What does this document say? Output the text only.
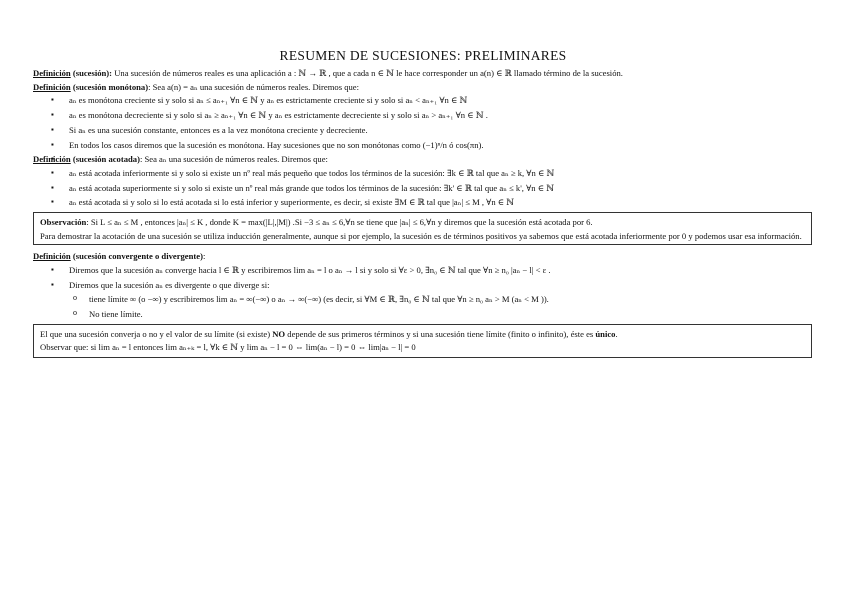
RESUMEN DE SUCESIONES: PRELIMINARES
Definición (sucesión): Una sucesión de números reales es una aplicación a : ℕ → ℝ , que a cada n ∈ ℕ le hace corresponder un a(n) ∈ ℝ llamado término de la sucesión.
Definición (sucesión monótona): Sea a(n) = aₙ una sucesión de números reales. Diremos que:
▪ aₙ es monótona creciente si y solo si aₙ ≤ aₙ₊₁ ∀n ∈ ℕ y aₙ es estrictamente creciente si y solo si aₙ < aₙ₊₁ ∀n ∈ ℕ
▪ aₙ es monótona decreciente si y solo si aₙ ≥ aₙ₊₁ ∀n ∈ ℕ y aₙ es estrictamente decreciente si y solo si aₙ > aₙ₊₁ ∀n ∈ ℕ .
▪ Si aₙ es una sucesión constante, entonces es a la vez monótona creciente y decreciente.
▪ En todos los casos diremos que la sucesión es monótona. Hay sucesiones que no son monótonas como (−1)ⁿ/n ó cos(πn).
Definición (sucesión acotada): Sea aₙ una sucesión de números reales. Diremos que:
▪ aₙ está acotada inferiormente si y solo si existe un nº real más pequeño que todos los términos de la sucesión: ∃k ∈ ℝ tal que aₙ ≥ k, ∀n ∈ ℕ
▪ aₙ está acotada superiormente si y solo si existe un nº real más grande que todos los términos de la sucesión: ∃k' ∈ ℝ tal que aₙ ≤ k', ∀n ∈ ℕ
▪ aₙ está acotada si y solo si lo está acotada si lo está inferior y superiormente, es decir, si existe ∃M ∈ ℝ tal que |aₙ| ≤ M , ∀n ∈ ℕ
Observación: Si L ≤ aₙ ≤ M , entonces |aₙ| ≤ K , donde K = max(|L|,|M|) .Si −3 ≤ aₙ ≤ 6,∀n se tiene que |aₙ| ≤ 6,∀n y diremos que la sucesión está acotada por 6.
Para demostrar la acotación de una sucesión se utiliza inducción generalmente, aunque si por ejemplo, la sucesión es de términos positivos ya sabemos que está acotada inferiormente por 0 y podemos usar esa información.
Definición (sucesión convergente o divergente):
▪ Diremos que la sucesión aₙ converge hacia l ∈ ℝ y escribiremos lim aₙ = l o aₙ → l si y solo si ∀ε > 0, ∃n₀ ∈ ℕ tal que ∀n ≥ n₀ |aₙ − l| < ε .
▪ Diremos que la sucesión aₙ es divergente o que diverge si:
o tiene límite ∞ (o −∞) y escribiremos lim aₙ = ∞(−∞) o aₙ → ∞(−∞) (es decir, si ∀M ∈ ℝ, ∃n₀ ∈ ℕ tal que ∀n ≥ n₀ aₙ > M (aₙ < M )).
o No tiene límite.
El que una sucesión converja o no y el valor de su límite (si existe) NO depende de sus primeros términos y si una sucesión tiene límite (finito o infinito), éste es único.
Observar que: si lim aₙ = l entonces lim aₙ₊ₖ = l, ∀k ∈ ℕ y lim aₙ − l = 0 ⇔ lim(aₙ − l) = 0 ⇔ lim|aₙ − l| = 0
